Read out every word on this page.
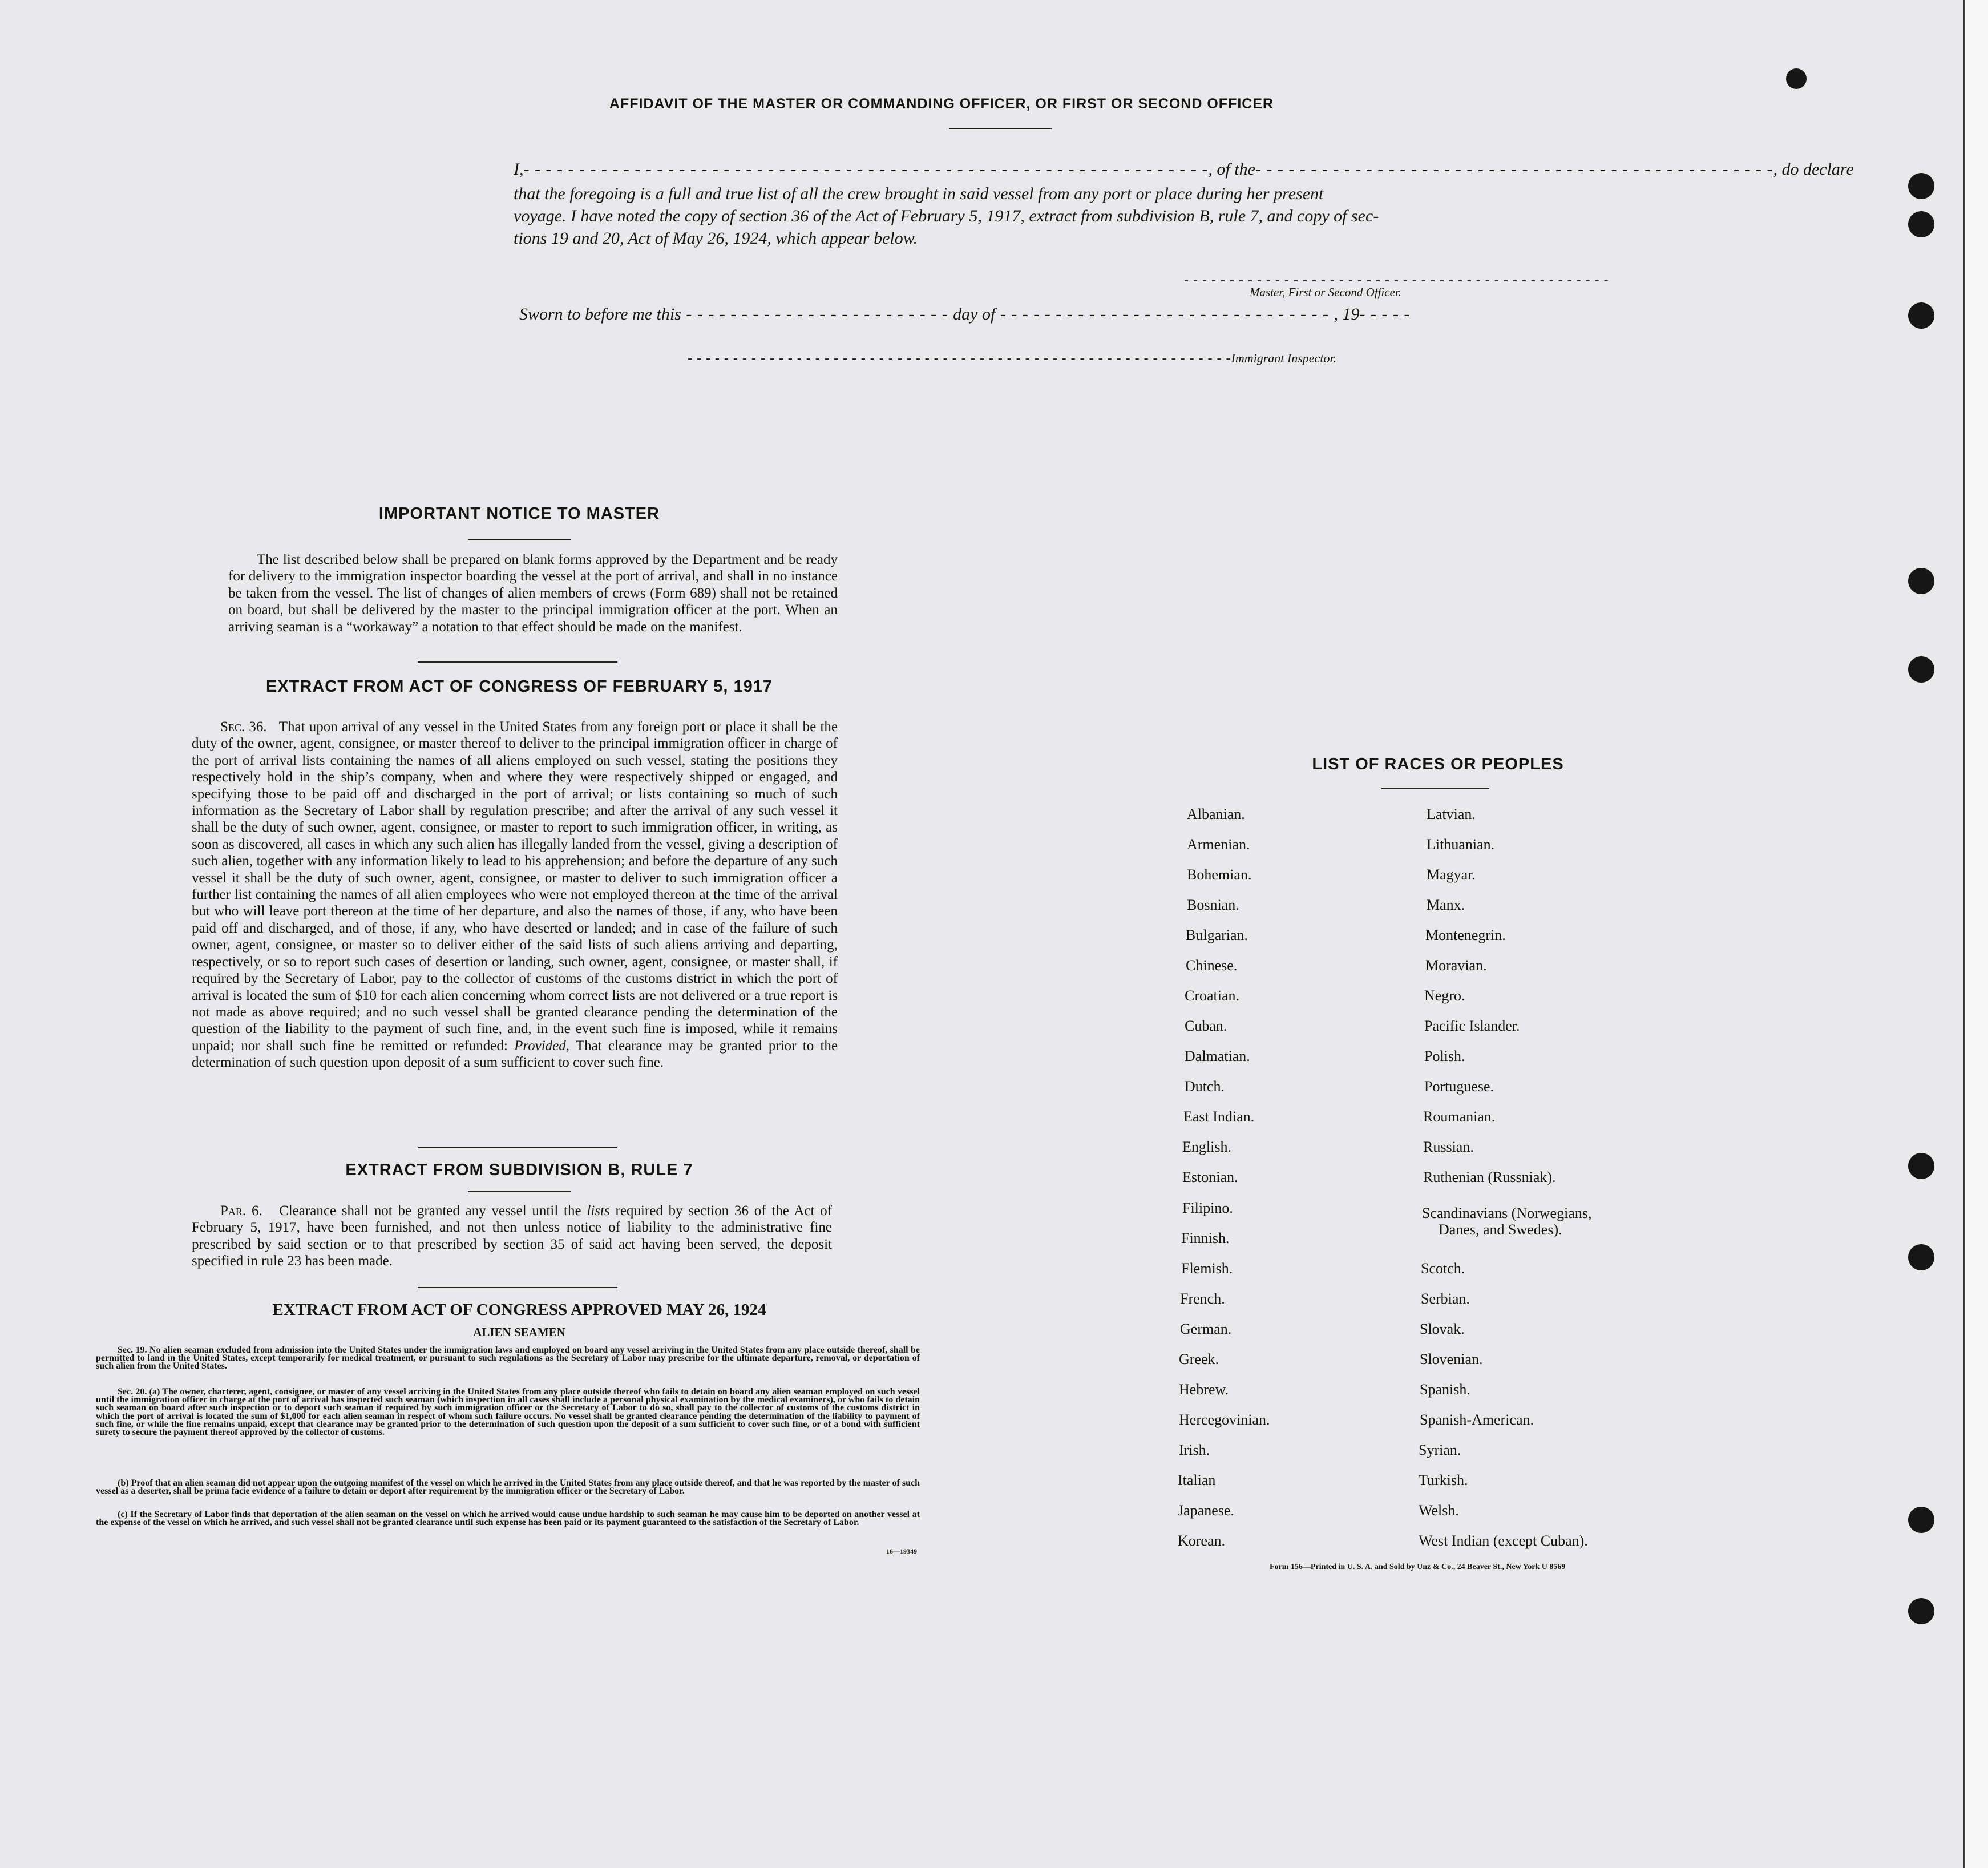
AFFIDAVIT OF THE MASTER OR COMMANDING OFFICER, OR FIRST OR SECOND OFFICER
I,- - - - - - - - - - - - - - - - - - - - - - - - - - - - - - - - - - - - - - - - - - - - - - - - - - - - - - - - - - - - - -, of the- - - - - - - - - - - - - - - - - - - - - - - - - - - - - - - - - - - - - - - - - - - - - - -, do declare
that the foregoing is a full and true list of all the crew brought in said vessel from any port or place during her present
voyage. I have noted the copy of section 36 of the Act of February 5, 1917, extract from subdivision B, rule 7, and copy of sec-
tions 19 and 20, Act of May 26, 1924, which appear below.
- - - - - - - - - - - - - - - - - - - - - - - - - - - - - - - - - - - - - - - - - - - - - - -
Master, First or Second Officer.
Sworn to before me this - - - - - - - - - - - - - - - - - - - - - - - - day of - - - - - - - - - - - - - - - - - - - - - - - - - - - - - - , 19- - - - -
- - - - - - - - - - - - - - - - - - - - - - - - - - - - - - - - - - - - - - - - - - - - - - - - - - - - - - - - - - - -Immigrant Inspector.
IMPORTANT NOTICE TO MASTER

The list described below shall be prepared on blank forms approved by the Department and be ready for delivery to the immigration inspector boarding the vessel at the port of arrival, and shall in no instance be taken from the vessel. The list of changes of alien members of crews (Form 689) shall not be retained on board, but shall be delivered by the master to the principal immigration officer at the port. When an arriving seaman is a “workaway” a notation to that effect should be made on the manifest.

EXTRACT FROM ACT OF CONGRESS OF FEBRUARY 5, 1917

Sec. 36. That upon arrival of any vessel in the United States from any foreign port or place it shall be the duty of the owner, agent, consignee, or master thereof to deliver to the principal immigration officer in charge of the port of arrival lists containing the names of all aliens employed on such vessel, stating the positions they respectively hold in the ship’s company, when and where they were respectively shipped or engaged, and specifying those to be paid off and discharged in the port of arrival; or lists containing so much of such information as the Secretary of Labor shall by regulation prescribe; and after the arrival of any such vessel it shall be the duty of such owner, agent, consignee, or master to report to such immigration officer, in writing, as soon as discovered, all cases in which any such alien has illegally landed from the vessel, giving a description of such alien, together with any information likely to lead to his apprehension; and before the departure of any such vessel it shall be the duty of such owner, agent, consignee, or master to deliver to such immigration officer a further list containing the names of all alien employees who were not employed thereon at the time of the arrival but who will leave port thereon at the time of her departure, and also the names of those, if any, who have been paid off and discharged, and of those, if any, who have deserted or landed; and in case of the failure of such owner, agent, consignee, or master so to deliver either of the said lists of such aliens arriving and departing, respectively, or so to report such cases of desertion or landing, such owner, agent, consignee, or master shall, if required by the Secretary of Labor, pay to the collector of customs of the customs district in which the port of arrival is located the sum of $10 for each alien concerning whom correct lists are not delivered or a true report is not made as above required; and no such vessel shall be granted clearance pending the determination of the question of the liability to the payment of such fine, and, in the event such fine is imposed, while it remains unpaid; nor shall such fine be remitted or refunded: Provided, That clearance may be granted prior to the determination of such question upon deposit of a sum sufficient to cover such fine.

EXTRACT FROM SUBDIVISION B, RULE 7

Par. 6. Clearance shall not be granted any vessel until the lists required by section 36 of the Act of February 5, 1917, have been furnished, and not then unless notice of liability to the administrative fine prescribed by said section or to that prescribed by section 35 of said act having been served, the deposit specified in rule 23 has been made.

EXTRACT FROM ACT OF CONGRESS APPROVED MAY 26, 1924
ALIEN SEAMEN

Sec. 19. No alien seaman excluded from admission into the United States under the immigration laws and employed on board any vessel arriving in the United States from any place outside thereof, shall be permitted to land in the United States, except temporarily for medical treatment, or pursuant to such regulations as the Secretary of Labor may prescribe for the ultimate departure, removal, or deportation of such alien from the United States.

Sec. 20. (a) The owner, charterer, agent, consignee, or master of any vessel arriving in the United States from any place outside thereof who fails to detain on board any alien seaman employed on such vessel until the immigration officer in charge at the port of arrival has inspected such seaman (which inspection in all cases shall include a personal physical examination by the medical examiners), or who fails to detain such seaman on board after such inspection or to deport such seaman if required by such immigration officer or the Secretary of Labor to do so, shall pay to the collector of customs of the customs district in which the port of arrival is located the sum of $1,000 for each alien seaman in respect of whom such failure occurs. No vessel shall be granted clearance pending the determination of the liability to payment of such fine, or while the fine remains unpaid, except that clearance may be granted prior to the determination of such question upon the deposit of a sum sufficient to cover such fine, or of a bond with sufficient surety to secure the payment thereof approved by the collector of customs.

(b) Proof that an alien seaman did not appear upon the outgoing manifest of the vessel on which he arrived in the United States from any place outside thereof, and that he was reported by the master of such vessel as a deserter, shall be prima facie evidence of a failure to detain or deport after requirement by the immigration officer or the Secretary of Labor.

(c) If the Secretary of Labor finds that deportation of the alien seaman on the vessel on which he arrived would cause undue hardship to such seaman he may cause him to be deported on another vessel at the expense of the vessel on which he arrived, and such vessel shall not be granted clearance until such expense has been paid or its payment guaranteed to the satisfaction of the Secretary of Labor.

16—19349
LIST OF RACES OR PEOPLES
Albanian.
Armenian.
Bohemian.
Bosnian.
Bulgarian.
Chinese.
Croatian.
Cuban.
Dalmatian.
Dutch.
East Indian.
English.
Estonian.
Filipino.
Finnish.
Flemish.
French.
German.
Greek.
Hebrew.
Hercegovinian.
Irish.
Italian
Japanese.
Korean.
Latvian.
Lithuanian.
Magyar.
Manx.
Montenegrin.
Moravian.
Negro.
Pacific Islander.
Polish.
Portuguese.
Roumanian.
Russian.
Ruthenian (Russniak).
Scandinavians (Norwegians,
Danes, and Swedes).
Scotch.
Serbian.
Slovak.
Slovenian.
Spanish.
Spanish-American.
Syrian.
Turkish.
Welsh.
West Indian (except Cuban).
Form 156—Printed in U. S. A. and Sold by Unz & Co., 24 Beaver St., New York U 8569
